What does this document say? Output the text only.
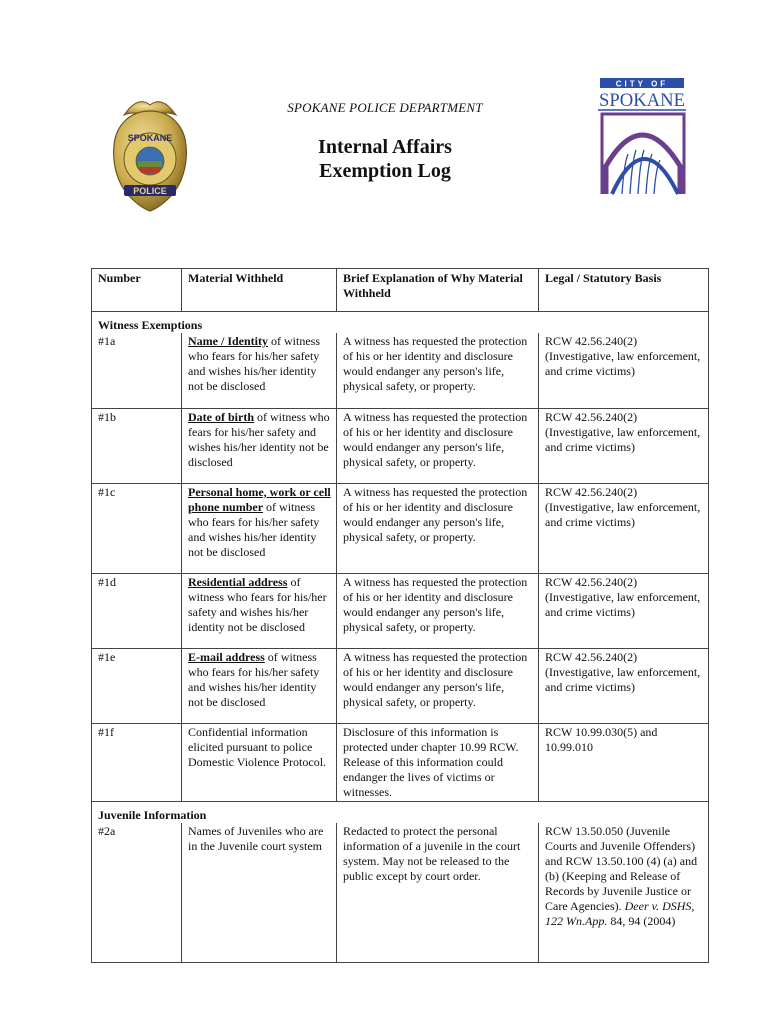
SPOKANE
POLICE
SPOKANE POLICE DEPARTMENT
Internal Affairs
Exemption Log
CITY OF
SPOKANE
Number	Material Withheld	Brief Explanation of Why Material Withheld	Legal / Statutory Basis
Witness Exemptions			
#1a	Name / Identity of witness who fears for his/her safety and wishes his/her identity not be disclosed	A witness has requested the protection of his or her identity and disclosure would endanger any person's life, physical safety, or property.	RCW 42.56.240(2) (Investigative, law enforcement, and crime victims)
#1b	Date of birth of witness who fears for his/her safety and wishes his/her identity not be disclosed	A witness has requested the protection of his or her identity and disclosure would endanger any person's life, physical safety, or property.	RCW 42.56.240(2) (Investigative, law enforcement, and crime victims)
#1c	Personal home, work or cell phone number of witness who fears for his/her safety and wishes his/her identity not be disclosed	A witness has requested the protection of his or her identity and disclosure would endanger any person's life, physical safety, or property.	RCW 42.56.240(2) (Investigative, law enforcement, and crime victims)
#1d	Residential address of witness who fears for his/her safety and wishes his/her identity not be disclosed	A witness has requested the protection of his or her identity and disclosure would endanger any person's life, physical safety, or property.	RCW 42.56.240(2) (Investigative, law enforcement, and crime victims)
#1e	E-mail address of witness who fears for his/her safety and wishes his/her identity not be disclosed	A witness has requested the protection of his or her identity and disclosure would endanger any person's life, physical safety, or property.	RCW 42.56.240(2) (Investigative, law enforcement, and crime victims)
#1f	Confidential information elicited pursuant to police Domestic Violence Protocol.	Disclosure of this information is protected under chapter 10.99 RCW. Release of this information could endanger the lives of victims or witnesses.	RCW 10.99.030(5) and 10.99.010
Juvenile Information			
#2a	Names of Juveniles who are in the Juvenile court system	Redacted to protect the personal information of a juvenile in the court system. May not be released to the public except by court order.	RCW 13.50.050 (Juvenile Courts and Juvenile Offenders) and RCW 13.50.100 (4) (a) and (b) (Keeping and Release of Records by Juvenile Justice or Care Agencies). Deer v. DSHS, 122 Wn.App. 84, 94 (2004)
